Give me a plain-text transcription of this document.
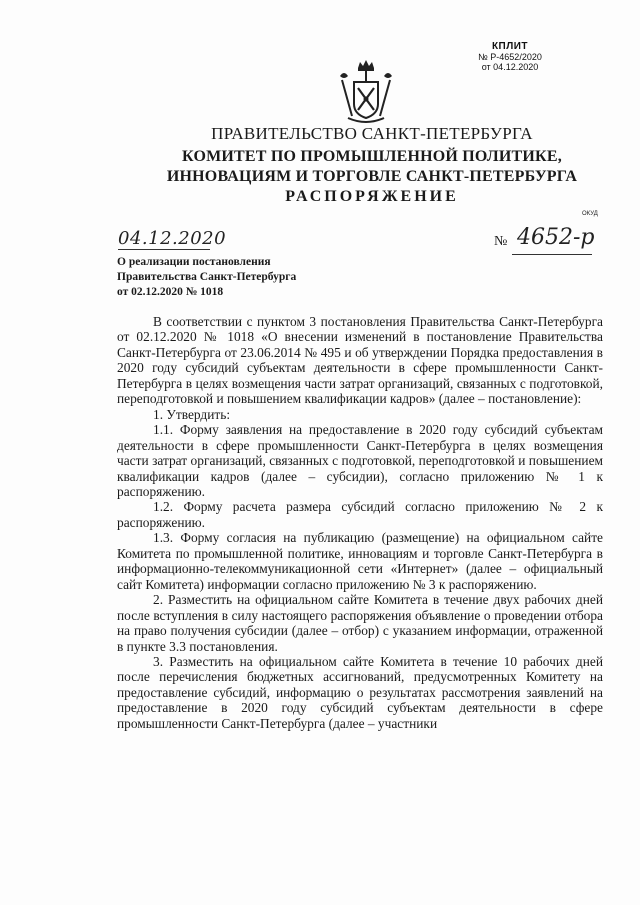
КПЛИТ
№ Р-4652/2020
от 04.12.2020
ПРАВИТЕЛЬСТВО САНКТ-ПЕТЕРБУРГА
КОМИТЕТ ПО ПРОМЫШЛЕННОЙ ПОЛИТИКЕ,
ИННОВАЦИЯМ И ТОРГОВЛЕ САНКТ-ПЕТЕРБУРГА
РАСПОРЯЖЕНИЕ
ОКУД
04.12.2020	№ 4652-р
О реализации постановления
Правительства Санкт-Петербурга
от 02.12.2020 № 1018

В соответствии с пунктом 3 постановления Правительства Санкт-Петербурга от 02.12.2020 № 1018 «О внесении изменений в постановление Правительства Санкт-Петербурга от 23.06.2014 № 495 и об утверждении Порядка предоставления в 2020 году субсидий субъектам деятельности в сфере промышленности Санкт-Петербурга в целях возмещения части затрат организаций, связанных с подготовкой, переподготовкой и повышением квалификации кадров» (далее – постановление):

1. Утвердить:

1.1. Форму заявления на предоставление в 2020 году субсидий субъектам деятельности в сфере промышленности Санкт-Петербурга в целях возмещения части затрат организаций, связанных с подготовкой, переподготовкой и повышением квалификации кадров (далее – субсидии), согласно приложению № 1 к распоряжению.

1.2. Форму расчета размера субсидий согласно приложению № 2 к распоряжению.

1.3. Форму согласия на публикацию (размещение) на официальном сайте Комитета по промышленной политике, инновациям и торговле Санкт-Петербурга в информационно-телекоммуникационной сети «Интернет» (далее – официальный сайт Комитета) информации согласно приложению № 3 к распоряжению.

2. Разместить на официальном сайте Комитета в течение двух рабочих дней после вступления в силу настоящего распоряжения объявление о проведении отбора на право получения субсидии (далее – отбор) с указанием информации, отраженной в пункте 3.3 постановления.

3. Разместить на официальном сайте Комитета в течение 10 рабочих дней после перечисления бюджетных ассигнований, предусмотренных Комитету на предоставление субсидий, информацию о результатах рассмотрения заявлений на предоставление в 2020 году субсидий субъектам деятельности в сфере промышленности Санкт-Петербурга (далее – участники
